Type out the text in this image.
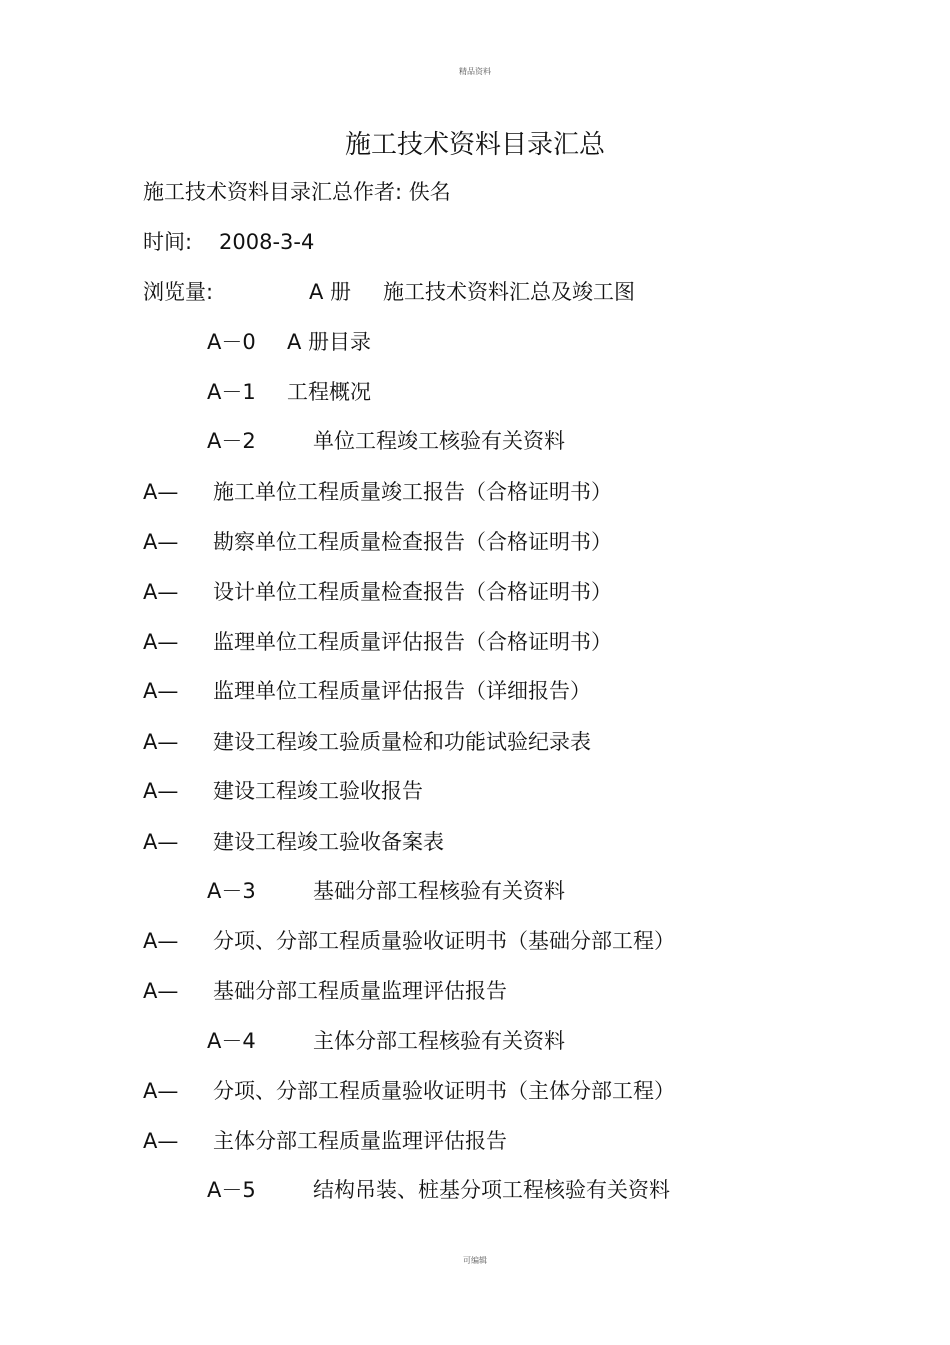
精品资料
施工技术资料目录汇总
施工技术资料目录汇总作者: 佚名
时间: 2008-3-4
浏览量:	A 册 施工技术资料汇总及竣工图
A－0 A 册目录
A－1 工程概况
A－2	单位工程竣工核验有关资料
A— 施工单位工程质量竣工报告（合格证明书）
A— 勘察单位工程质量检查报告（合格证明书）
A— 设计单位工程质量检查报告（合格证明书）
A— 监理单位工程质量评估报告（合格证明书）
A— 监理单位工程质量评估报告（详细报告）
A— 建设工程竣工验质量检和功能试验纪录表
A— 建设工程竣工验收报告
A— 建设工程竣工验收备案表
A－3	基础分部工程核验有关资料
A— 分项、分部工程质量验收证明书（基础分部工程）
A— 基础分部工程质量监理评估报告
A－4	主体分部工程核验有关资料
A— 分项、分部工程质量验收证明书（主体分部工程）
A— 主体分部工程质量监理评估报告
A－5	结构吊装、桩基分项工程核验有关资料
可编辑
